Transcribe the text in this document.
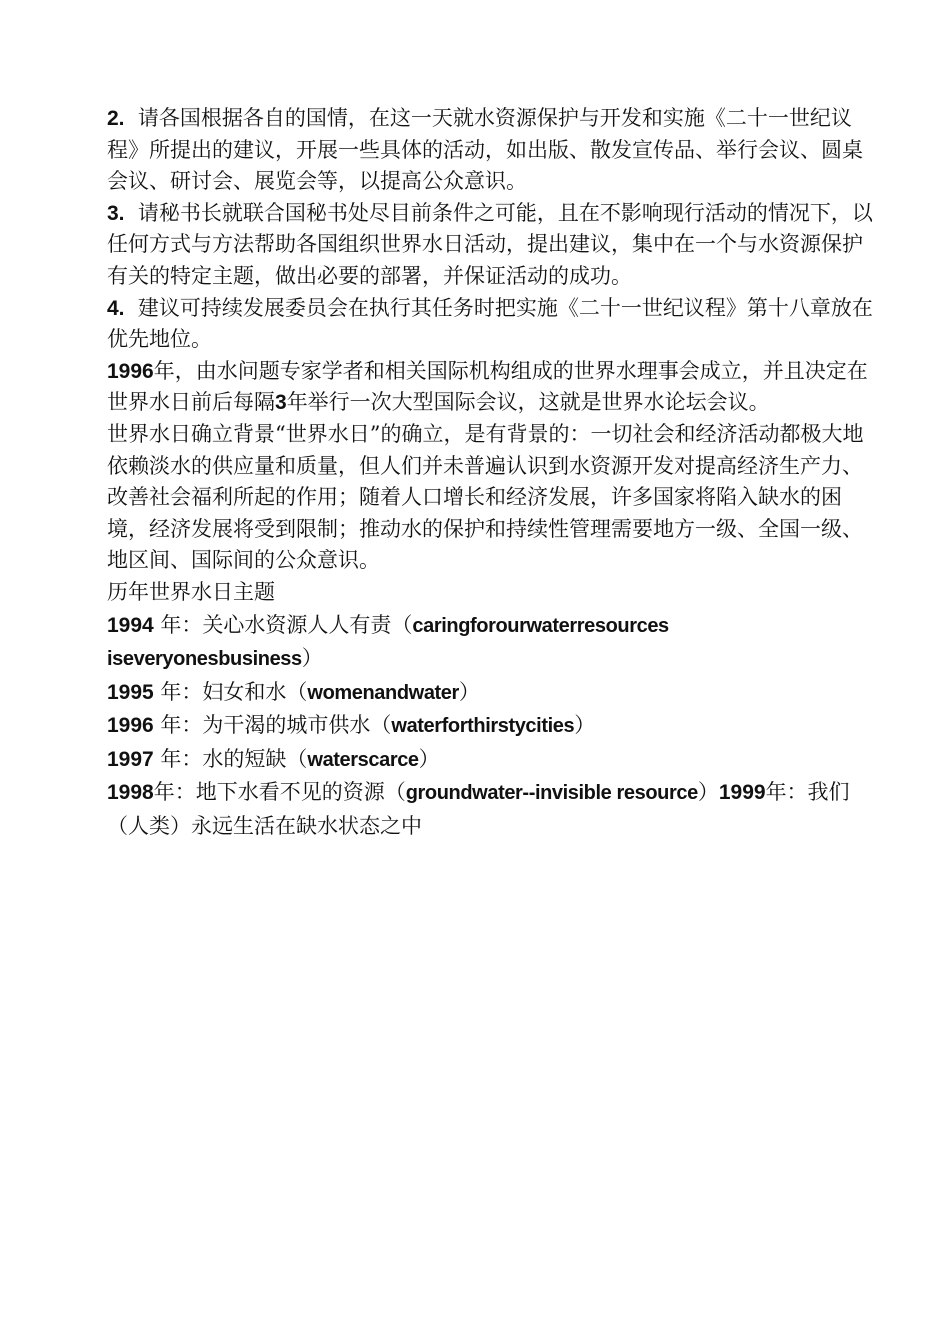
2. 请各国根据各自的国情，在这一天就水资源保护与开发和实施《二十一世纪议程》所提出的建议，开展一些具体的活动，如出版、散发宣传品、举行会议、圆桌会议、研讨会、展览会等，以提高公众意识。

3. 请秘书长就联合国秘书处尽目前条件之可能，且在不影响现行活动的情况下，以任何方式与方法帮助各国组织世界水日活动，提出建议，集中在一个与水资源保护有关的特定主题，做出必要的部署，并保证活动的成功。

4. 建议可持续发展委员会在执行其任务时把实施《二十一世纪议程》第十八章放在优先地位。

1996年，由水问题专家学者和相关国际机构组成的世界水理事会成立，并且决定在世界水日前后每隔3年举行一次大型国际会议，这就是世界水论坛会议。

世界水日确立背景“世界水日”的确立，是有背景的：一切社会和经济活动都极大地依赖淡水的供应量和质量，但人们并未普遍认识到水资源开发对提高经济生产力、改善社会福利所起的作用；随着人口增长和经济发展，许多国家将陷入缺水的困境，经济发展将受到限制；推动水的保护和持续性管理需要地方一级、全国一级、地区间、国际间的公众意识。

历年世界水日主题

1994 年：关心水资源人人有责（caringforourwaterresources iseveryonesbusiness）

1995 年：妇女和水（womenandwater）

1996 年：为干渴的城市供水（waterforthirstycities）

1997 年：水的短缺（waterscarce）

1998年：地下水看不见的资源（groundwater--invisible resource）1999年：我们（人类）永远生活在缺水状态之中
